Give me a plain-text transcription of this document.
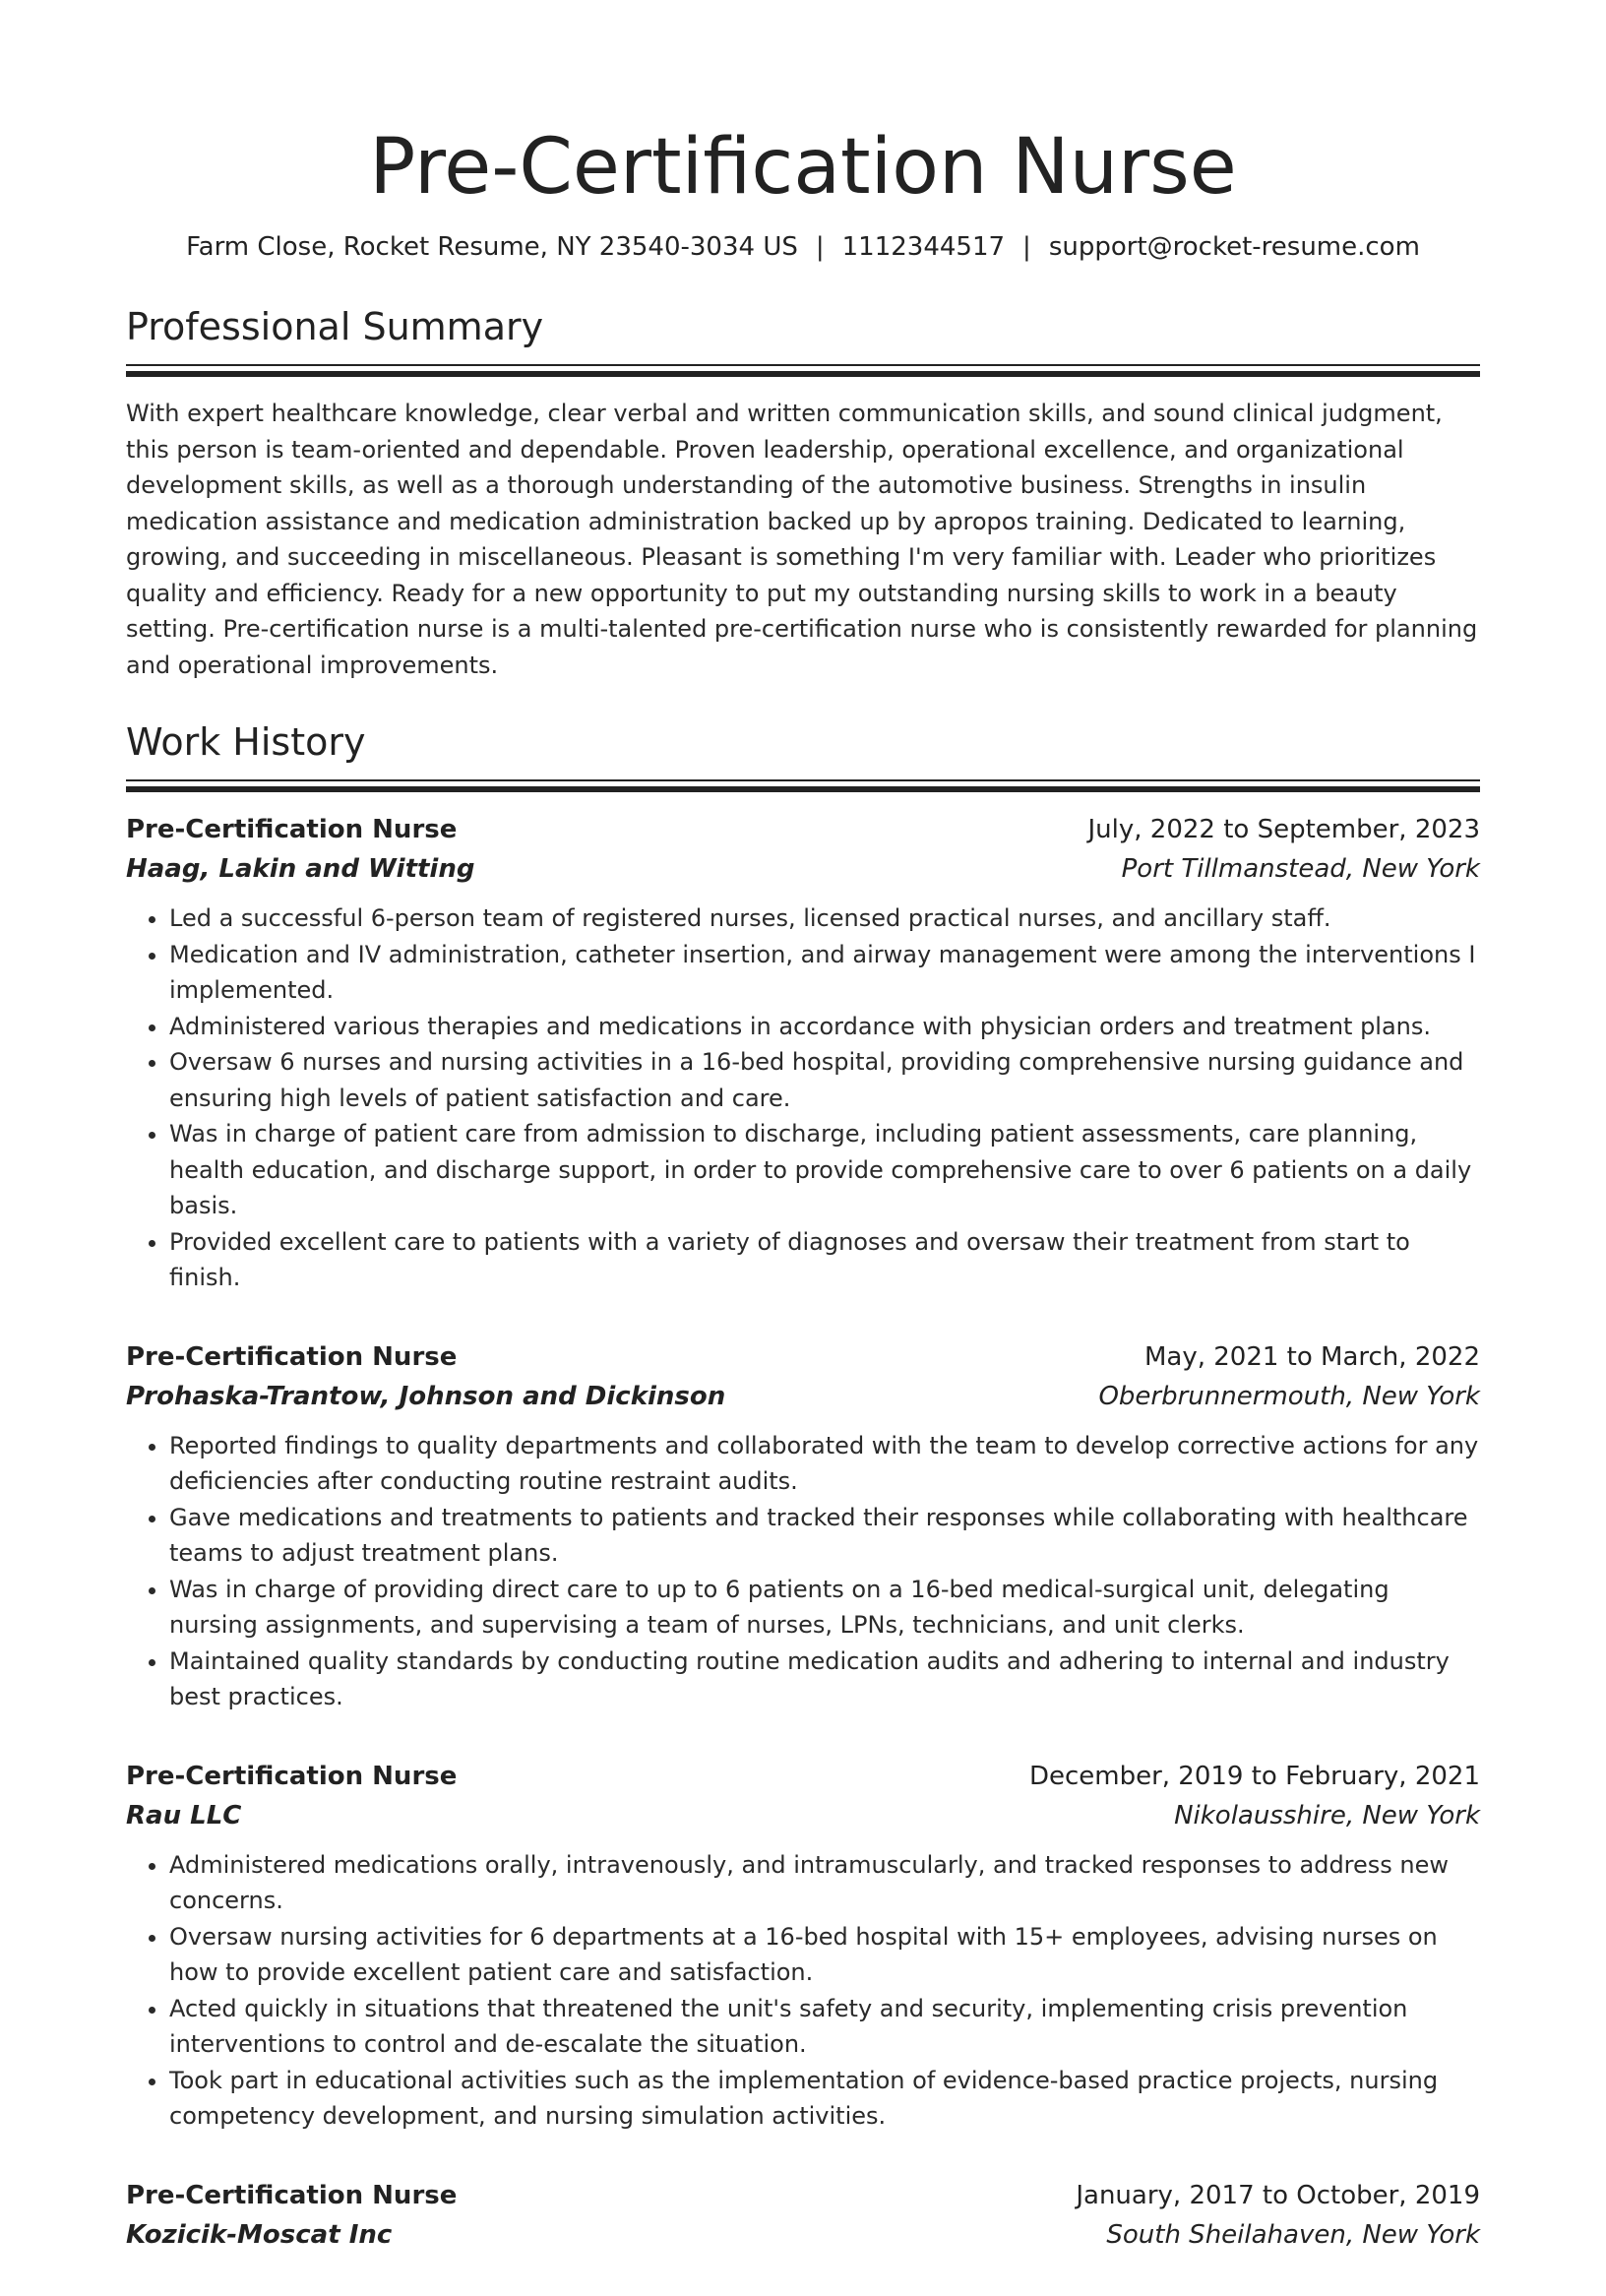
Pre-Certification Nurse
Farm Close, Rocket Resume, NY 23540-3034 US | 1112344517 | support@rocket-resume.com
Professional Summary

With expert healthcare knowledge, clear verbal and written communication skills, and sound clinical judgment, this person is team-oriented and dependable. Proven leadership, operational excellence, and organizational development skills, as well as a thorough understanding of the automotive business. Strengths in insulin medication assistance and medication administration backed up by apropos training. Dedicated to learning, growing, and succeeding in miscellaneous. Pleasant is something I'm very familiar with. Leader who prioritizes quality and efficiency. Ready for a new opportunity to put my outstanding nursing skills to work in a beauty setting. Pre-certification nurse is a multi-talented pre-certification nurse who is consistently rewarded for planning and operational improvements.

Work History
Pre-Certification Nurse	July, 2022 to September, 2023
Haag, Lakin and Witting	Port Tillmanstead, New York
• Led a successful 6-person team of registered nurses, licensed practical nurses, and ancillary staff.
• Medication and IV administration, catheter insertion, and airway management were among the interventions I implemented.
• Administered various therapies and medications in accordance with physician orders and treatment plans.
• Oversaw 6 nurses and nursing activities in a 16-bed hospital, providing comprehensive nursing guidance and ensuring high levels of patient satisfaction and care.
• Was in charge of patient care from admission to discharge, including patient assessments, care planning, health education, and discharge support, in order to provide comprehensive care to over 6 patients on a daily basis.
• Provided excellent care to patients with a variety of diagnoses and oversaw their treatment from start to finish.
Pre-Certification Nurse	May, 2021 to March, 2022
Prohaska-Trantow, Johnson and Dickinson	Oberbrunnermouth, New York
• Reported findings to quality departments and collaborated with the team to develop corrective actions for any deficiencies after conducting routine restraint audits.
• Gave medications and treatments to patients and tracked their responses while collaborating with healthcare teams to adjust treatment plans.
• Was in charge of providing direct care to up to 6 patients on a 16-bed medical-surgical unit, delegating nursing assignments, and supervising a team of nurses, LPNs, technicians, and unit clerks.
• Maintained quality standards by conducting routine medication audits and adhering to internal and industry best practices.
Pre-Certification Nurse	December, 2019 to February, 2021
Rau LLC	Nikolausshire, New York
• Administered medications orally, intravenously, and intramuscularly, and tracked responses to address new concerns.
• Oversaw nursing activities for 6 departments at a 16-bed hospital with 15+ employees, advising nurses on how to provide excellent patient care and satisfaction.
• Acted quickly in situations that threatened the unit's safety and security, implementing crisis prevention interventions to control and de-escalate the situation.
• Took part in educational activities such as the implementation of evidence-based practice projects, nursing competency development, and nursing simulation activities.
Pre-Certification Nurse	January, 2017 to October, 2019
Kozicik-Moscat Inc	South Sheilahaven, New York
